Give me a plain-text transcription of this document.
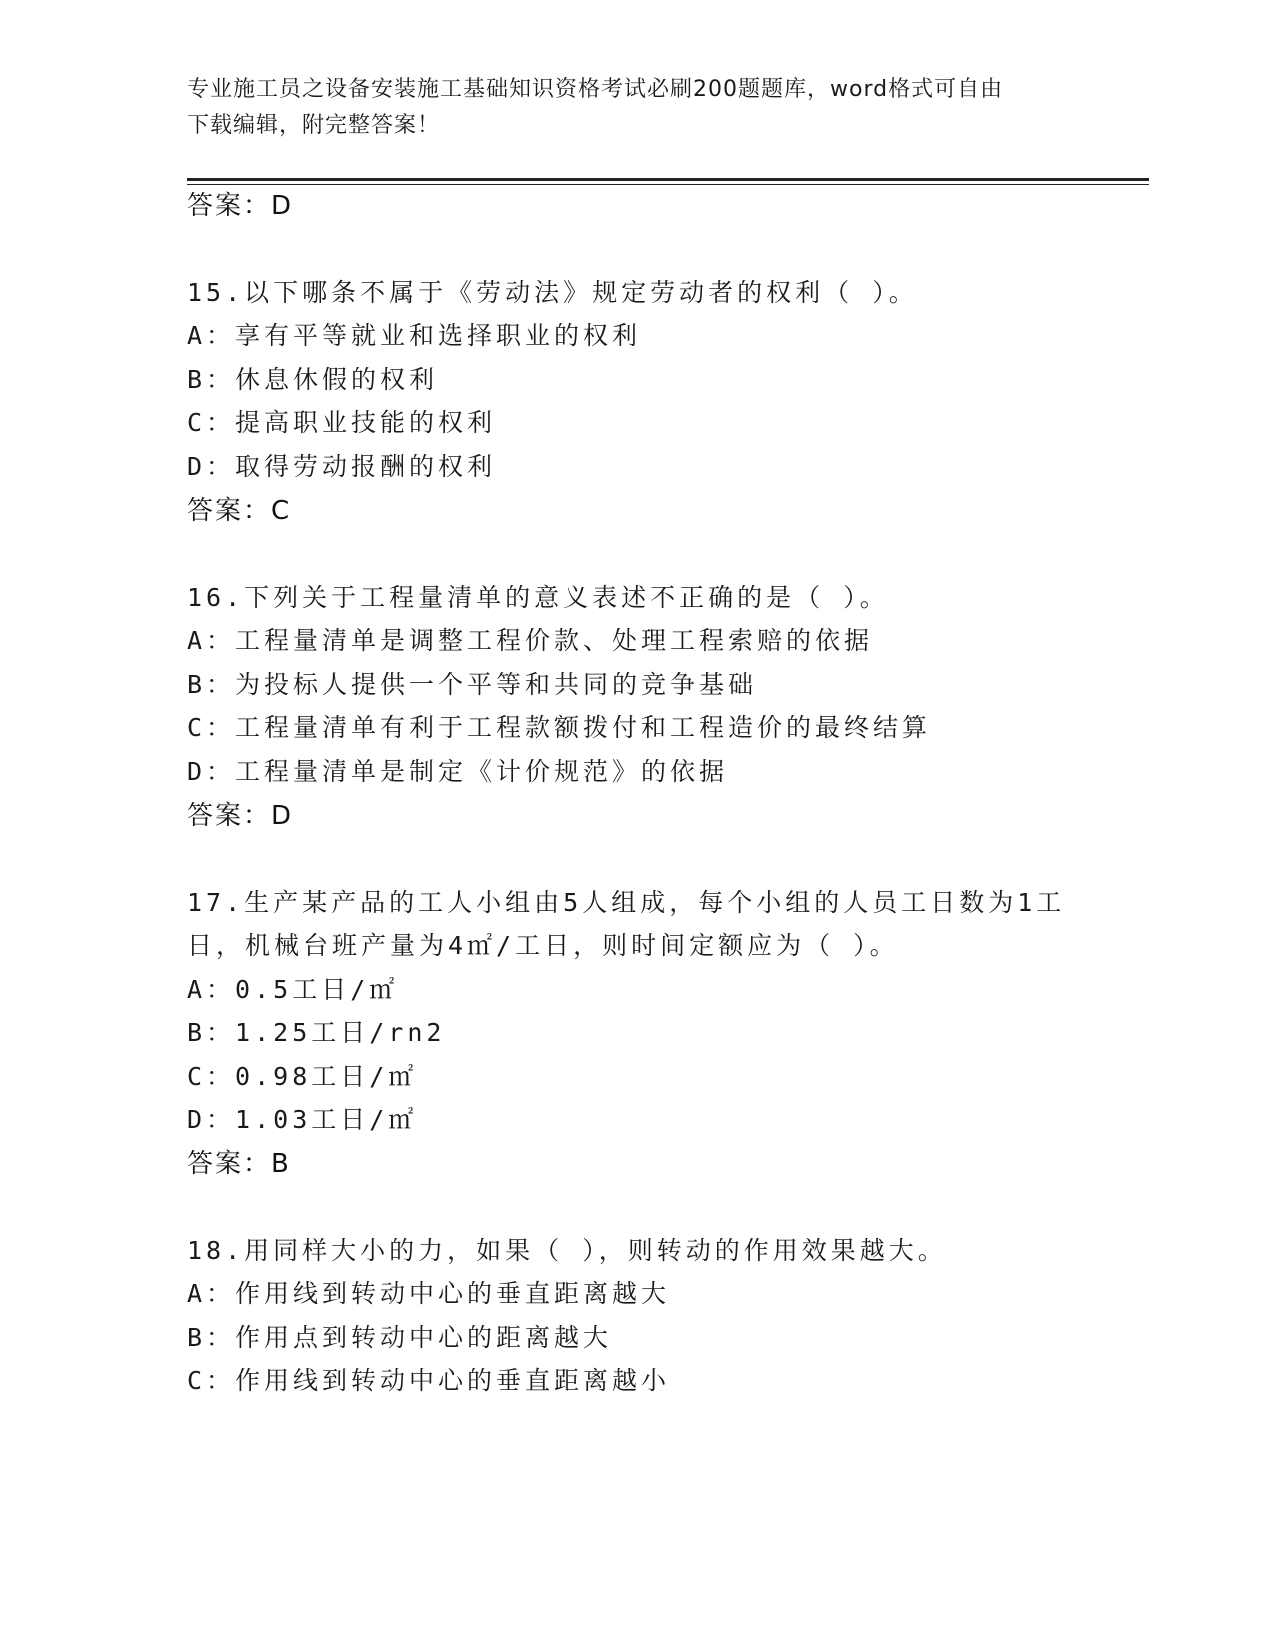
专业施工员之设备安装施工基础知识资格考试必刷200题题库，word格式可自由
下载编辑，附完整答案！
答案：D
15.以下哪条不属于《劳动法》规定劳动者的权利（ ）。
A：享有平等就业和选择职业的权利
B：休息休假的权利
C：提高职业技能的权利
D：取得劳动报酬的权利
答案：C
16.下列关于工程量清单的意义表述不正确的是（ ）。
A：工程量清单是调整工程价款、处理工程索赔的依据
B：为投标人提供一个平等和共同的竞争基础
C：工程量清单有利于工程款额拨付和工程造价的最终结算
D：工程量清单是制定《计价规范》的依据
答案：D
17.生产某产品的工人小组由5人组成，每个小组的人员工日数为1工
日，机械台班产量为4㎡/工日，则时间定额应为（ ）。
A：0.5工日/㎡
B：1.25工日/rn2
C：0.98工日/㎡
D：1.03工日/㎡
答案：B
18.用同样大小的力，如果（ ），则转动的作用效果越大。
A：作用线到转动中心的垂直距离越大
B：作用点到转动中心的距离越大
C：作用线到转动中心的垂直距离越小
